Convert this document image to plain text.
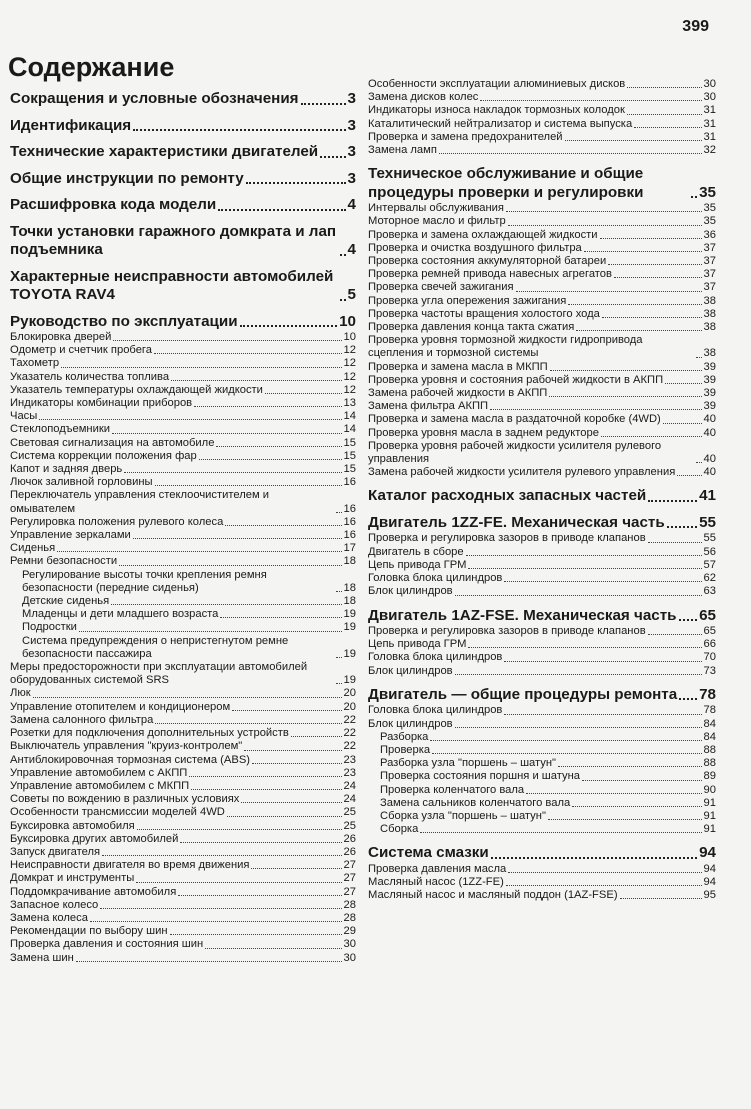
399
Содержание
Сокращения и условные обозначения	3
Идентификация	3
Технические характеристики двигателей 3
Общие инструкции по ремонту	3
Расшифровка кода модели	4
Точки установки гаражного домкрата и лап подъемника	4
Характерные неисправности автомобилей TOYOTA RAV4	5
Руководство по эксплуатации	10
Блокировка дверей	10
Одометр и счетчик пробега	12
Тахометр	12
Указатель количества топлива	12
Указатель температуры охлаждающей жидкости	12
Индикаторы комбинации приборов	13
Часы	14
Стеклоподъемники	14
Световая сигнализация на автомобиле	15
Система коррекции положения фар	15
Капот и задняя дверь	15
Лючок заливной горловины	16
Переключатель управления стеклоочистителем и омывателем	16
Регулировка положения рулевого колеса	16
Управление зеркалами	16
Сиденья	17
Ремни безопасности	18
Регулирование высоты точки крепления ремня безопасности (передние сиденья)	18
Детские сиденья	18
Младенцы и дети младшего возраста	19
Подростки	19
Система предупреждения о непристегнутом ремне безопасности пассажира	19
Меры предосторожности при эксплуатации автомобилей оборудованных системой SRS	19
Люк	20
Управление отопителем и кондиционером	20
Замена салонного фильтра	22
Розетки для подключения дополнительных устройств	22
Выключатель управления "круиз-контролем"	22
Антиблокировочная тормозная система (ABS)	23
Управление автомобилем с АКПП	23
Управление автомобилем с МКПП	24
Советы по вождению в различных условиях	24
Особенности трансмиссии моделей 4WD	25
Буксировка автомобиля	25
Буксировка других автомобилей	26
Запуск двигателя	26
Неисправности двигателя во время движения	27
Домкрат и инструменты	27
Поддомкрачивание автомобиля	27
Запасное колесо	28
Замена колеса	28
Рекомендации по выбору шин	29
Проверка давления и состояния шин	30
Замена шин	30
Особенности эксплуатации алюминиевых дисков	30
Замена дисков колес	30
Индикаторы износа накладок тормозных колодок	31
Каталитический нейтрализатор и система выпуска	31
Проверка и замена предохранителей	31
Замена ламп	32
Техническое обслуживание и общие процедуры проверки и регулировки	35
Интервалы обслуживания	35
Моторное масло и фильтр	35
Проверка и замена охлаждающей жидкости	36
Проверка и очистка воздушного фильтра	37
Проверка состояния аккумуляторной батареи	37
Проверка ремней привода навесных агрегатов	37
Проверка свечей зажигания	37
Проверка угла опережения зажигания	38
Проверка частоты вращения холостого хода	38
Проверка давления конца такта сжатия	38
Проверка уровня тормозной жидкости гидропривода сцепления и тормозной системы	38
Проверка и замена масла в МКПП	39
Проверка уровня и состояния рабочей жидкости в АКПП	39
Замена рабочей жидкости в АКПП	39
Замена фильтра АКПП	39
Проверка и замена масла в раздаточной коробке (4WD)	40
Проверка уровня масла в заднем редукторе	40
Проверка уровня рабочей жидкости усилителя рулевого управления	40
Замена рабочей жидкости усилителя рулевого управления	40
Каталог расходных запасных частей	41
Двигатель 1ZZ-FE. Механическая часть 55
Проверка и регулировка зазоров в приводе клапанов	55
Двигатель в сборе	56
Цепь привода ГРМ	57
Головка блока цилиндров	62
Блок цилиндров	63
Двигатель 1AZ-FSE. Механическая часть 65
Проверка и регулировка зазоров в приводе клапанов	65
Цепь привода ГРМ	66
Головка блока цилиндров	70
Блок цилиндров	73
Двигатель — общие процедуры ремонта 78
Головка блока цилиндров	78
Блок цилиндров	84
Разборка	84
Проверка	88
Разборка узла "поршень – шатун"	88
Проверка состояния поршня и шатуна	89
Проверка коленчатого вала	90
Замена сальников коленчатого вала	91
Сборка узла "поршень – шатун"	91
Сборка	91
Система смазки	94
Проверка давления масла	94
Масляный насос (1ZZ-FE)	94
Масляный насос и масляный поддон (1AZ-FSE)	95
